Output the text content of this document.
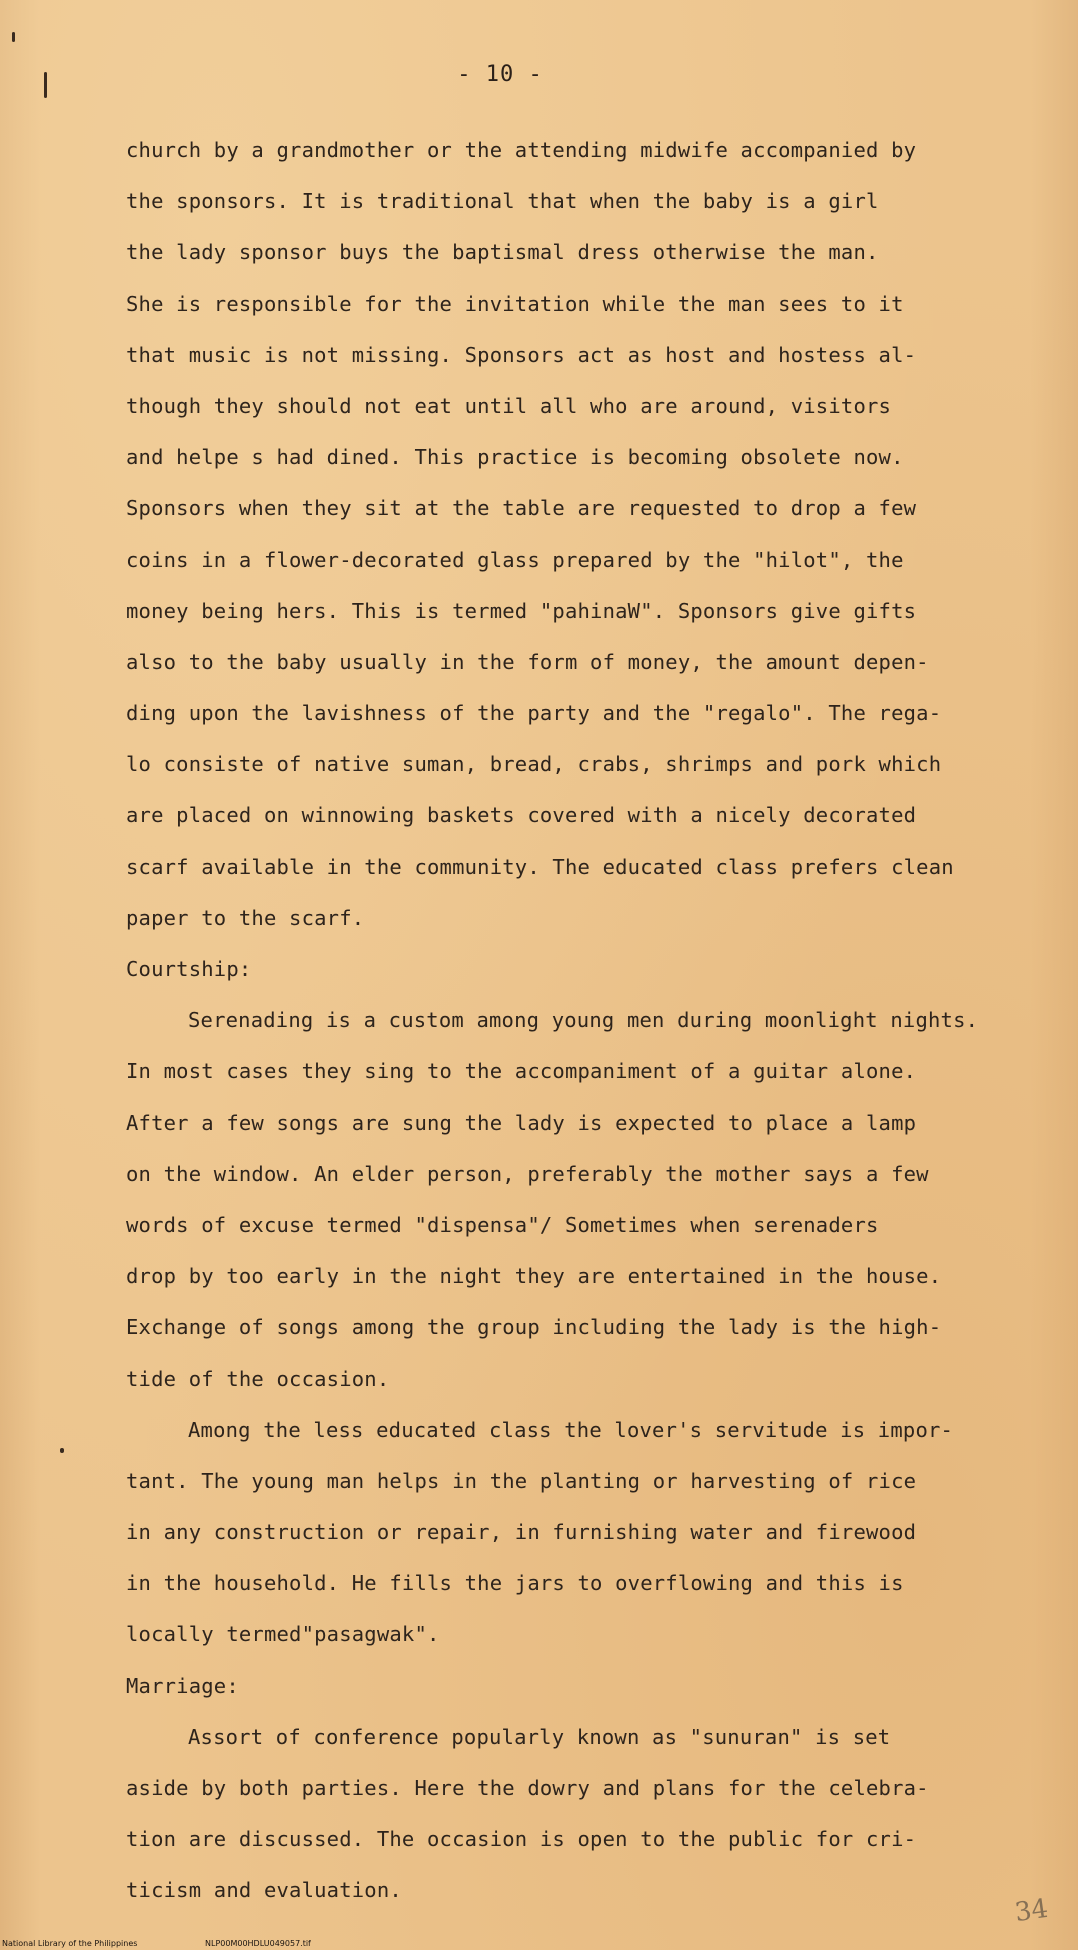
- 10 -
church by a grandmother or the attending midwife accompanied by
the sponsors. It is traditional that when the baby is a girl
the lady sponsor buys the baptismal dress otherwise the man.
She is responsible for the invitation while the man sees to it
that music is not missing. Sponsors act as host and hostess al-
though they should not eat until all who are around, visitors
and helpe s had dined. This practice is becoming obsolete now.
Sponsors when they sit at the table are requested to drop a few
coins in a flower-decorated glass prepared by the "hilot", the
money being hers. This is termed "pahinaW". Sponsors give gifts
also to the baby usually in the form of money, the amount depen-
ding upon the lavishness of the party and the "regalo". The rega-
lo consiste of native suman, bread, crabs, shrimps and pork which
are placed on winnowing baskets covered with a nicely decorated
scarf available in the community. The educated class prefers clean
paper to the scarf.
Courtship:
Serenading is a custom among young men during moonlight nights.
In most cases they sing to the accompaniment of a guitar alone.
After a few songs are sung the lady is expected to place a lamp
on the window. An elder person, preferably the mother says a few
words of excuse termed "dispensa"/ Sometimes when serenaders
drop by too early in the night they are entertained in the house.
Exchange of songs among the group including the lady is the high-
tide of the occasion.
Among the less educated class the lover's servitude is impor-
tant. The young man helps in the planting or harvesting of rice
in any construction or repair, in furnishing water and firewood
in the household. He fills the jars to overflowing and this is
locally termed"pasagwak".
Marriage:
Assort of conference popularly known as "sunuran" is set
aside by both parties. Here the dowry and plans for the celebra-
tion are discussed. The occasion is open to the public for cri-
ticism and evaluation.
National Library of the Philippines	NLP00M00HDLU049057.tif
34
